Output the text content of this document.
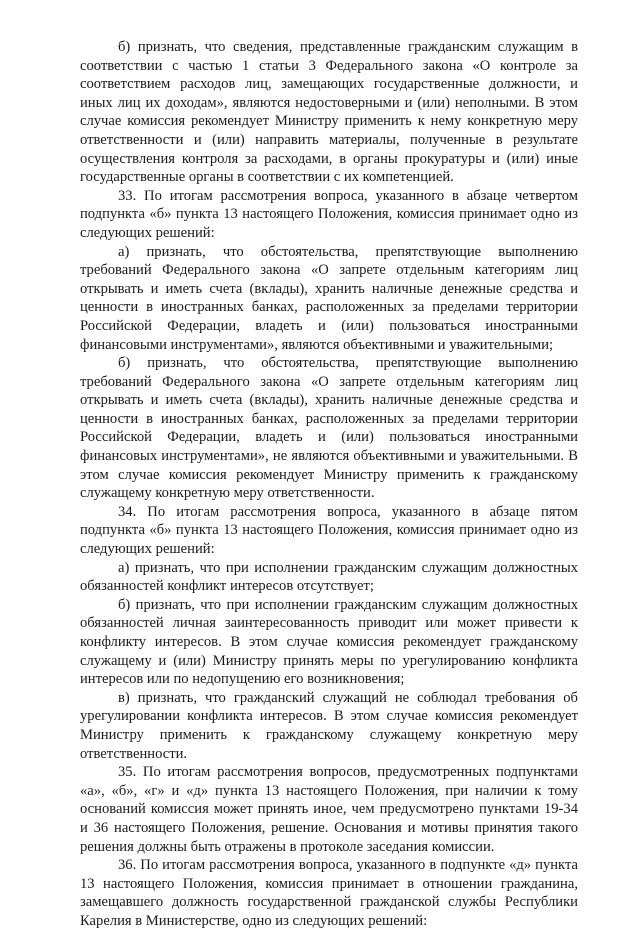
б) признать, что сведения, представленные гражданским служащим в соответствии с частью 1 статьи 3 Федерального закона «О контроле за соответствием расходов лиц, замещающих государственные должности, и иных лиц их доходам», являются недостоверными и (или) неполными. В этом случае комиссия рекомендует Министру применить к нему конкретную меру ответственности и (или) направить материалы, полученные в результате осуществления контроля за расходами, в органы прокуратуры и (или) иные государственные органы в соответствии с их компетенцией.

33. По итогам рассмотрения вопроса, указанного в абзаце четвертом подпункта «б» пункта 13 настоящего Положения, комиссия принимает одно из следующих решений:

а) признать, что обстоятельства, препятствующие выполнению требований Федерального закона «О запрете отдельным категориям лиц открывать и иметь счета (вклады), хранить наличные денежные средства и ценности в иностранных банках, расположенных за пределами территории Российской Федерации, владеть и (или) пользоваться иностранными финансовыми инструментами», являются объективными и уважительными;

б) признать, что обстоятельства, препятствующие выполнению требований Федерального закона «О запрете отдельным категориям лиц открывать и иметь счета (вклады), хранить наличные денежные средства и ценности в иностранных банках, расположенных за пределами территории Российской Федерации, владеть и (или) пользоваться иностранными финансовых инструментами», не являются объективными и уважительными. В этом случае комиссия рекомендует Министру применить к гражданскому служащему конкретную меру ответственности.

34. По итогам рассмотрения вопроса, указанного в абзаце пятом подпункта «б» пункта 13 настоящего Положения, комиссия принимает одно из следующих решений:

а) признать, что при исполнении гражданским служащим должностных обязанностей конфликт интересов отсутствует;

б) признать, что при исполнении гражданским служащим должностных обязанностей личная заинтересованность приводит или может привести к конфликту интересов. В этом случае комиссия рекомендует гражданскому служащему и (или) Министру принять меры по урегулированию конфликта интересов или по недопущению его возникновения;

в) признать, что гражданский служащий не соблюдал требования об урегулировании конфликта интересов. В этом случае комиссия рекомендует Министру применить к гражданскому служащему конкретную меру ответственности.

35. По итогам рассмотрения вопросов, предусмотренных подпунктами «а», «б», «г» и «д» пункта 13 настоящего Положения, при наличии к тому оснований комиссия может принять иное, чем предусмотрено пунктами 19-34 и 36 настоящего Положения, решение. Основания и мотивы принятия такого решения должны быть отражены в протоколе заседания комиссии.

36. По итогам рассмотрения вопроса, указанного в подпункте «д» пункта 13 настоящего Положения, комиссия принимает в отношении гражданина, замещавшего должность государственной гражданской службы Республики Карелия в Министерстве, одно из следующих решений:
